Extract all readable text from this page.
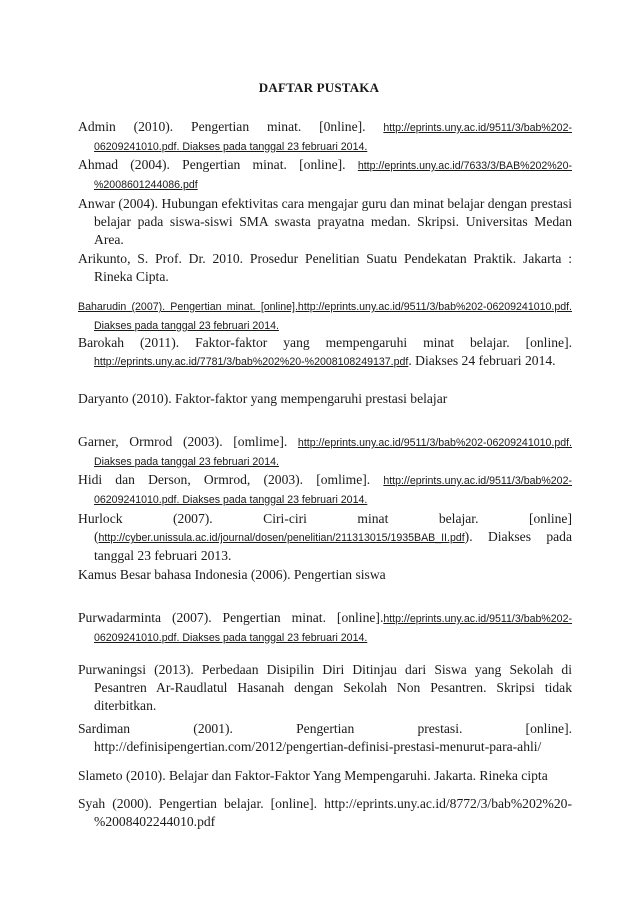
DAFTAR PUSTAKA
Admin (2010). Pengertian minat. [0nline]. http://eprints.uny.ac.id/9511/3/bab%202-06209241010.pdf. Diakses pada tanggal 23 februari 2014.
Ahmad (2004). Pengertian minat. [online]. http://eprints.uny.ac.id/7633/3/BAB%202%20-%2008601244086.pdf
Anwar (2004). Hubungan efektivitas cara mengajar guru dan minat belajar dengan prestasi belajar pada siswa-siswi SMA swasta prayatna medan. Skripsi. Universitas Medan Area.
Arikunto, S. Prof. Dr. 2010. Prosedur Penelitian Suatu Pendekatan Praktik. Jakarta : Rineka Cipta.
Baharudin (2007). Pengertian minat. [online].http://eprints.uny.ac.id/9511/3/bab%202-06209241010.pdf. Diakses pada tanggal 23 februari 2014.
Barokah (2011). Faktor-faktor yang mempengaruhi minat belajar. [online]. http://eprints.uny.ac.id/7781/3/bab%202%20-%2008108249137.pdf. Diakses 24 februari 2014.
Daryanto (2010). Faktor-faktor yang mempengaruhi prestasi belajar
Garner, Ormrod (2003). [omlime]. http://eprints.uny.ac.id/9511/3/bab%202-06209241010.pdf. Diakses pada tanggal 23 februari 2014.
Hidi dan Derson, Ormrod, (2003). [omlime]. http://eprints.uny.ac.id/9511/3/bab%202-06209241010.pdf. Diakses pada tanggal 23 februari 2014.
Hurlock (2007). Ciri-ciri minat belajar. [online] (http://cyber.unissula.ac.id/journal/dosen/penelitian/211313015/1935BAB_II.pdf). Diakses pada tanggal 23 februari 2013.
Kamus Besar bahasa Indonesia (2006). Pengertian siswa
Purwadarminta (2007). Pengertian minat. [online].http://eprints.uny.ac.id/9511/3/bab%202-06209241010.pdf. Diakses pada tanggal 23 februari 2014.
Purwaningsi (2013). Perbedaan Disipilin Diri Ditinjau dari Siswa yang Sekolah di Pesantren Ar-Raudlatul Hasanah dengan Sekolah Non Pesantren. Skripsi tidak diterbitkan.
Sardiman (2001). Pengertian prestasi. [online]. http://definisipengertian.com/2012/pengertian-definisi-prestasi-menurut-para-ahli/
Slameto (2010). Belajar dan Faktor-Faktor Yang Mempengaruhi. Jakarta. Rineka cipta
Syah (2000). Pengertian belajar. [online]. http://eprints.uny.ac.id/8772/3/bab%202%20-%2008402244010.pdf
